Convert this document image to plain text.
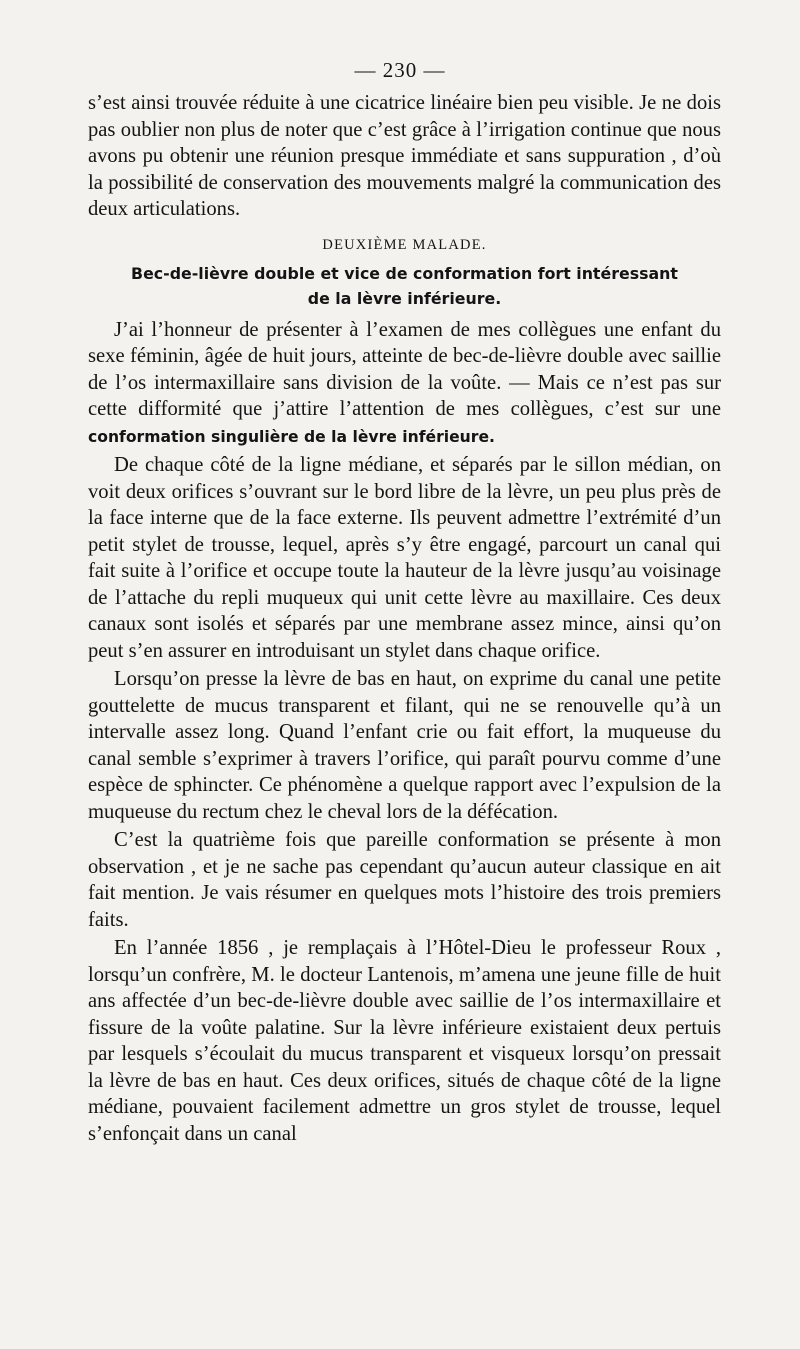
— 230 —

s’est ainsi trouvée réduite à une cicatrice linéaire bien peu visible. Je ne dois pas oublier non plus de noter que c’est grâce à l’irrigation continue que nous avons pu obtenir une réunion presque immédiate et sans suppuration , d’où la possibilité de conservation des mouvements malgré la communication des deux articulations.

DEUXIÈME MALADE.
Bec-de-lièvre double et vice de conformation fort intéressant
de la lèvre inférieure.

J’ai l’honneur de présenter à l’examen de mes collègues une enfant du sexe féminin, âgée de huit jours, atteinte de bec-de-lièvre double avec saillie de l’os intermaxillaire sans division de la voûte. — Mais ce n’est pas sur cette difformité que j’attire l’attention de mes collègues, c’est sur une conformation singulière de la lèvre inférieure.

De chaque côté de la ligne médiane, et séparés par le sillon médian, on voit deux orifices s’ouvrant sur le bord libre de la lèvre, un peu plus près de la face interne que de la face externe. Ils peuvent admettre l’extrémité d’un petit stylet de trousse, lequel, après s’y être engagé, parcourt un canal qui fait suite à l’orifice et occupe toute la hauteur de la lèvre jusqu’au voisinage de l’attache du repli muqueux qui unit cette lèvre au maxillaire. Ces deux canaux sont isolés et séparés par une membrane assez mince, ainsi qu’on peut s’en assurer en introduisant un stylet dans chaque orifice.

Lorsqu’on presse la lèvre de bas en haut, on exprime du canal une petite gouttelette de mucus transparent et filant, qui ne se renouvelle qu’à un intervalle assez long. Quand l’enfant crie ou fait effort, la muqueuse du canal semble s’exprimer à travers l’orifice, qui paraît pourvu comme d’une espèce de sphincter. Ce phénomène a quelque rapport avec l’expulsion de la muqueuse du rectum chez le cheval lors de la défécation.

C’est la quatrième fois que pareille conformation se présente à mon observation , et je ne sache pas cependant qu’aucun auteur classique en ait fait mention. Je vais résumer en quelques mots l’histoire des trois premiers faits.

En l’année 1856 , je remplaçais à l’Hôtel-Dieu le professeur Roux , lorsqu’un confrère, M. le docteur Lantenois, m’amena une jeune fille de huit ans affectée d’un bec-de-lièvre double avec saillie de l’os intermaxillaire et fissure de la voûte palatine. Sur la lèvre inférieure existaient deux pertuis par lesquels s’écoulait du mucus transparent et visqueux lorsqu’on pressait la lèvre de bas en haut. Ces deux orifices, situés de chaque côté de la ligne médiane, pouvaient facilement admettre un gros stylet de trousse, lequel s’enfonçait dans un canal
